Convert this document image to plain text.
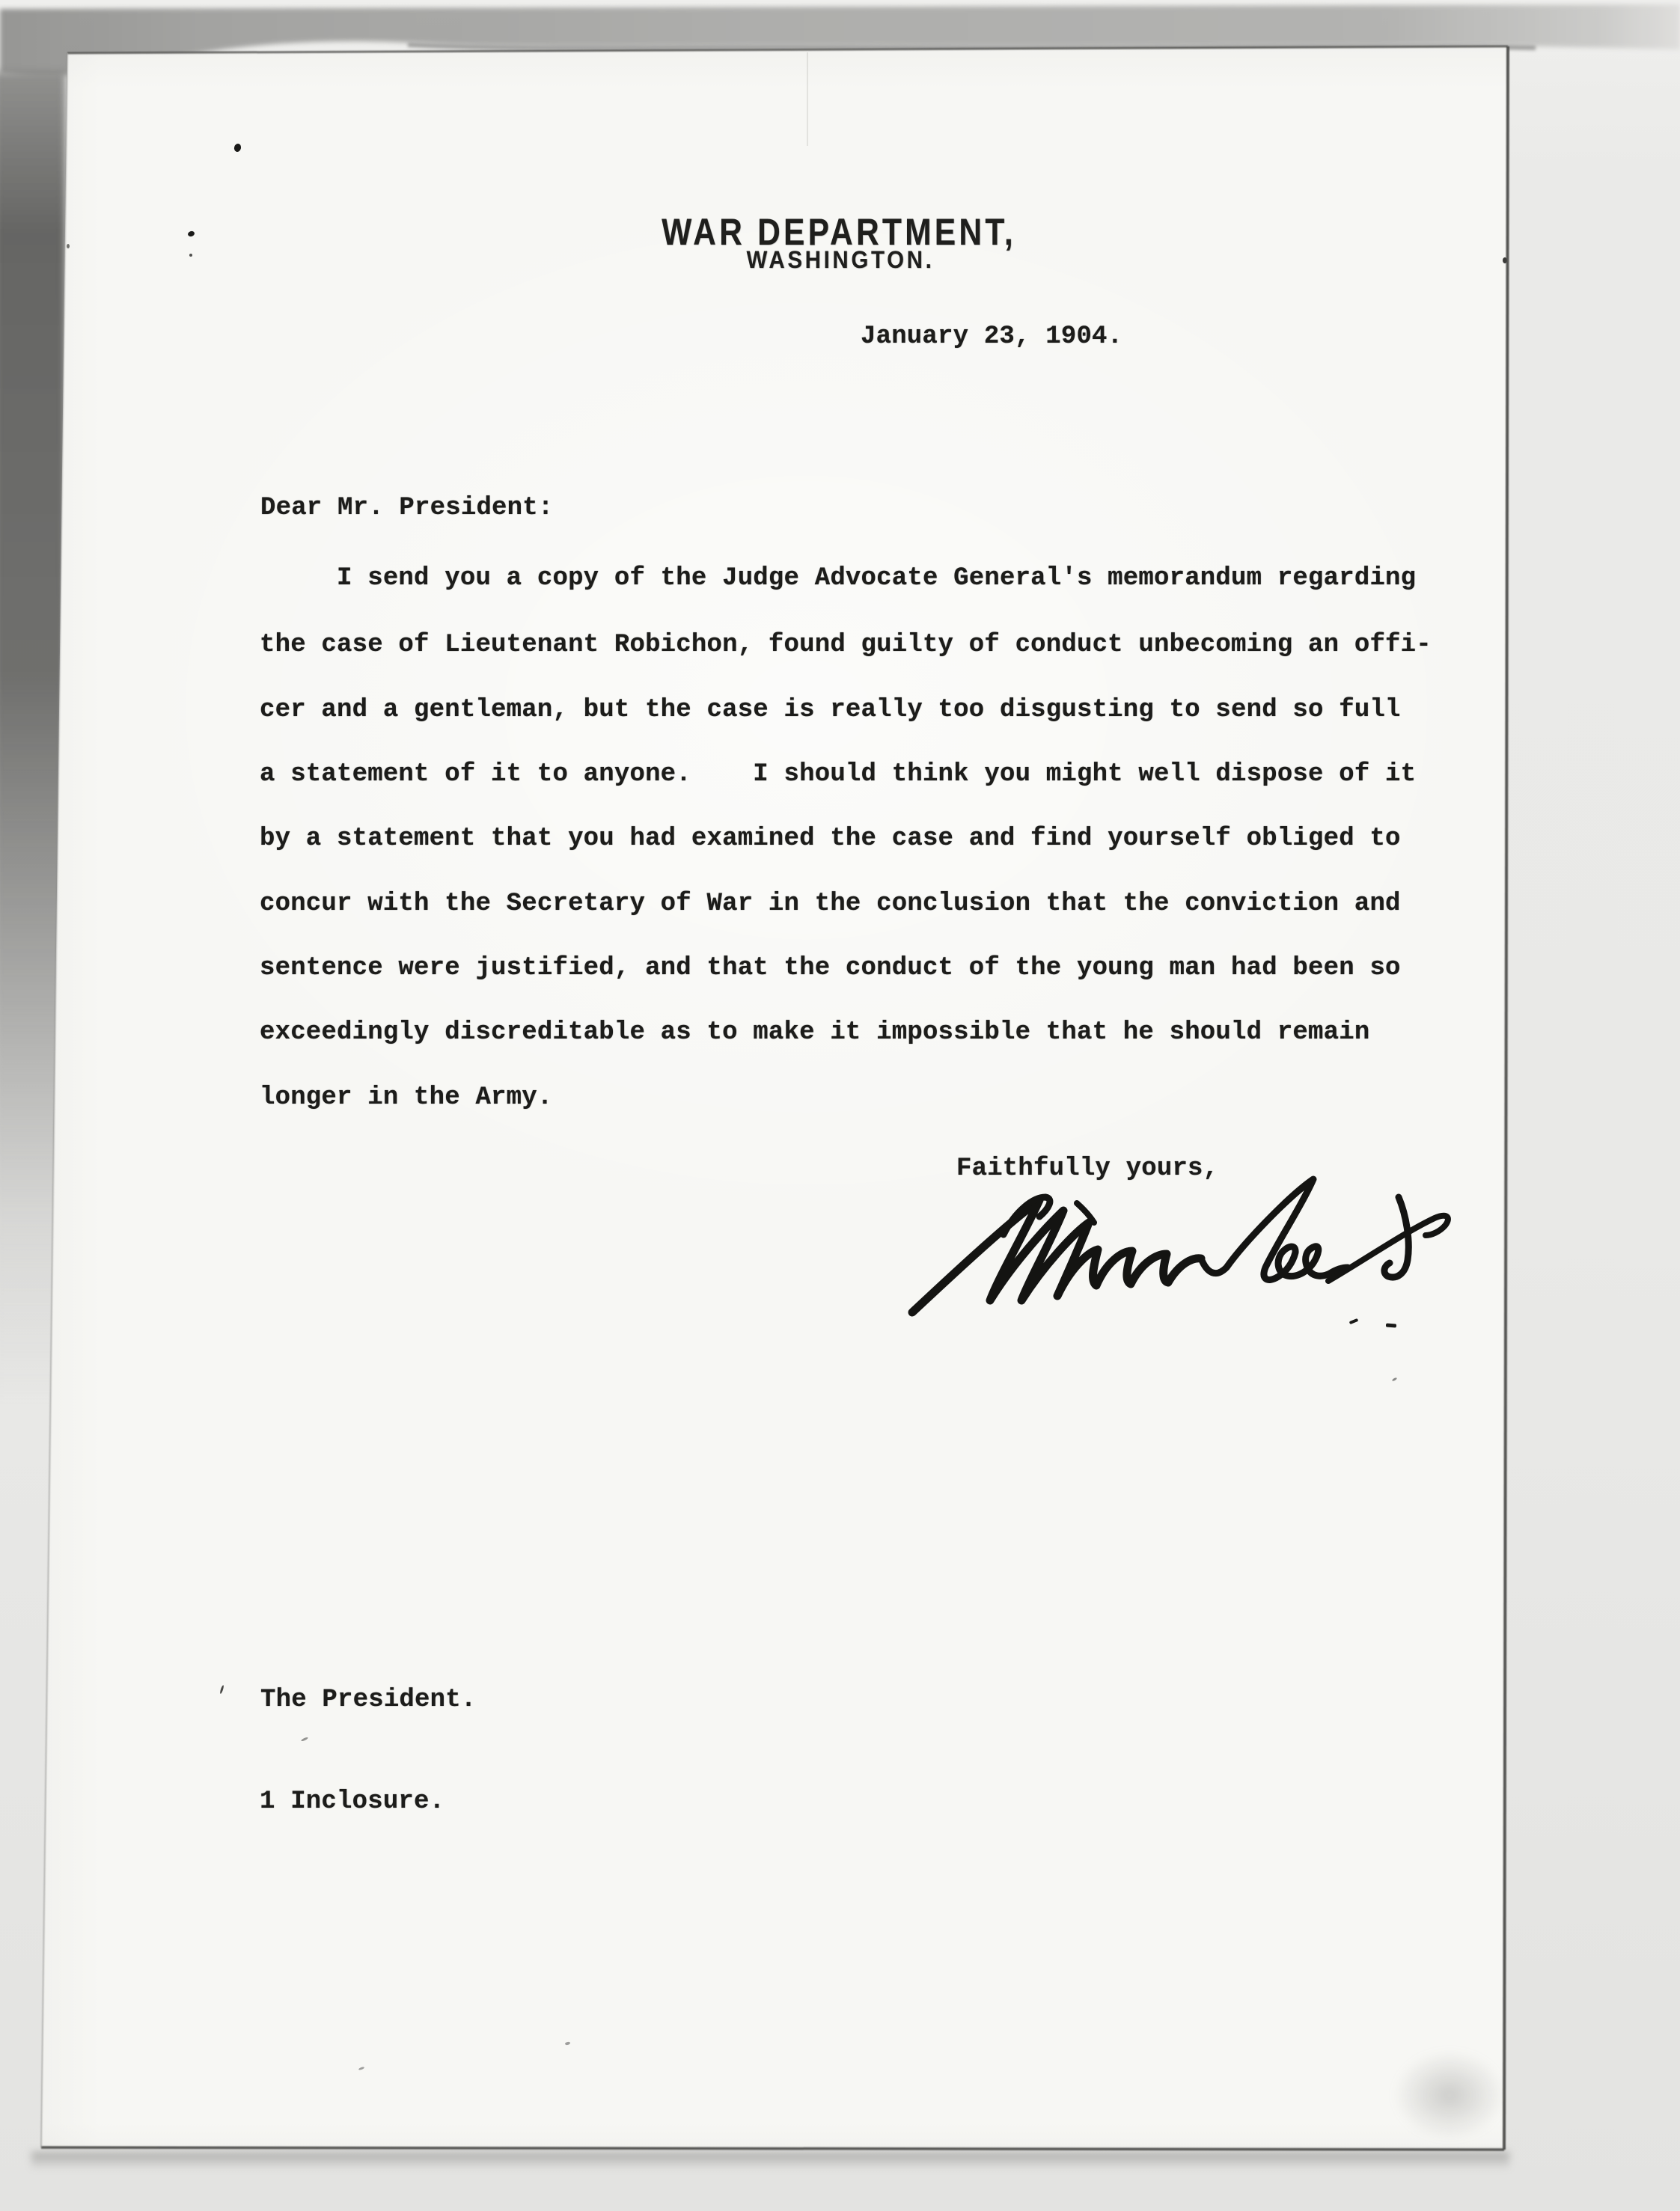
WAR DEPARTMENT,
WASHINGTON.
January 23, 1904.
Dear Mr. President:
I send you a copy of the Judge Advocate General's memorandum regarding
the case of Lieutenant Robichon, found guilty of conduct unbecoming an offi-
cer and a gentleman, but the case is really too disgusting to send so full
a statement of it to anyone.    I should think you might well dispose of it
by a statement that you had examined the case and find yourself obliged to
concur with the Secretary of War in the conclusion that the conviction and
sentence were justified, and that the conduct of the young man had been so
exceedingly discreditable as to make it impossible that he should remain
longer in the Army.
Faithfully yours,
The President.
1 Inclosure.
